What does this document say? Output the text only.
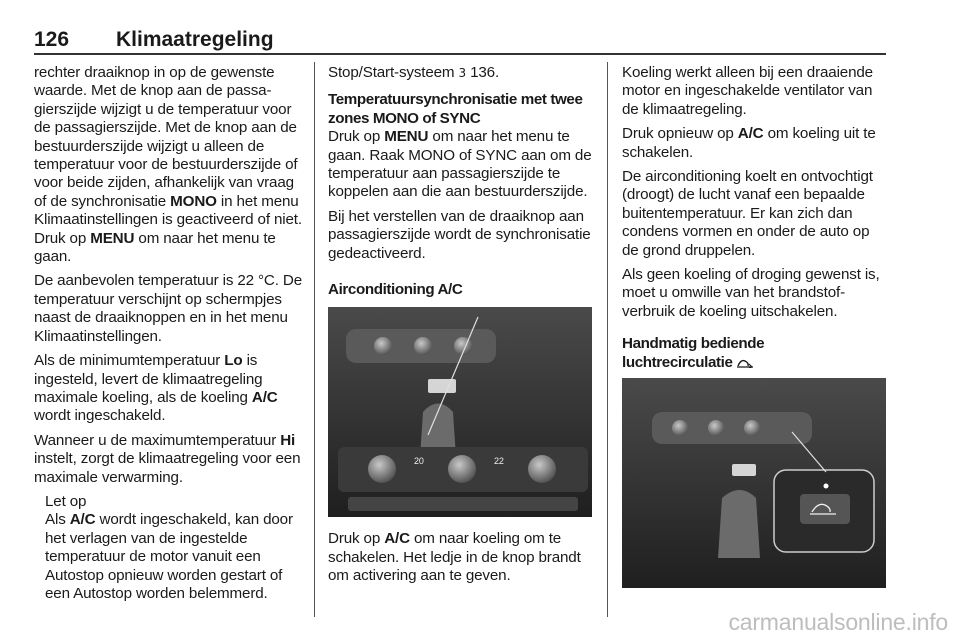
126 Klimaatregeling

rechter draaiknop in op de gewenste waarde. Met de knop aan de passagierszijde wijzigt u de temperatuur voor de passagierszijde. Met de knop aan de bestuurderszijde wijzigt u alleen de temperatuur voor de bestuurderszijde of voor beide zijden, afhankelijk van vraag of de synchronisatie MONO in het menu Klimaatinstellingen is geactiveerd of niet. Druk op MENU om naar het menu te gaan.

De aanbevolen temperatuur is 22 °C. De temperatuur verschijnt op schermpjes naast de draaiknoppen en in het menu Klimaatinstellingen.

Als de minimumtemperatuur Lo is ingesteld, levert de klimaatregeling maximale koeling, als de koeling A/C wordt ingeschakeld.

Wanneer u de maximumtemperatuur Hi instelt, zorgt de klimaatregeling voor een maximale verwarming.

Let op
Als A/C wordt ingeschakeld, kan door het verlagen van de ingestelde temperatuur de motor vanuit een Autostop opnieuw worden gestart of een Autostop worden belemmerd.

Stop/Start-systeem 3 136.

Temperatuursynchronisatie met twee zones MONO of SYNC

Druk op MENU om naar het menu te gaan. Raak MONO of SYNC aan om de temperatuur aan passagierszijde te koppelen aan die aan bestuurderszijde.

Bij het verstellen van de draaiknop aan passagierszijde wordt de synchronisatie gedeactiveerd.

Airconditioning A/C
20	22

Druk op A/C om naar koeling om te schakelen. Het ledje in de knop brandt om activering aan te geven.

Koeling werkt alleen bij een draaiende motor en ingeschakelde ventilator van de klimaatregeling.

Druk opnieuw op A/C om koeling uit te schakelen.

De airconditioning koelt en ontvochtigt (droogt) de lucht vanaf een bepaalde buitentemperatuur. Er kan zich dan condens vormen en onder de auto op de grond druppelen.

Als geen koeling of droging gewenst is, moet u omwille van het brandstofverbruik de koeling uitschakelen.

Handmatig bediende
luchtrecirculatie
carmanualsonline.info
